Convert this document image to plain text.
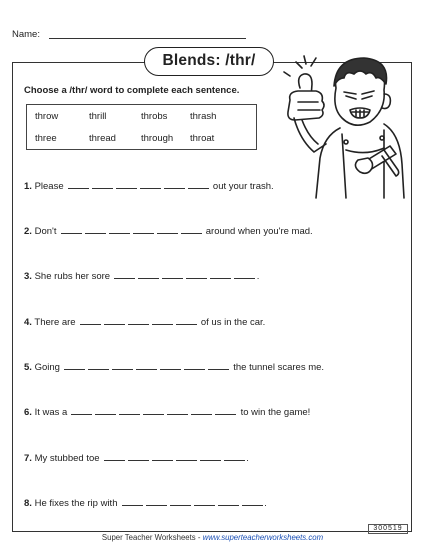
Name:
Blends: /thr/
Choose a /thr/ word to complete each sentence.
throw	thrill	throbs thrash
three	thread	through throat
1. Please	out your trash.
2. Don't	around when you're mad.
3. She rubs her sore	.
4. There are	of us in the car.
5. Going	the tunnel scares me.
6. It was a	to win the game!
7. My stubbed toe	.
8. He fixes the rip with	.
300519
Super Teacher Worksheets - www.superteacherworksheets.com
